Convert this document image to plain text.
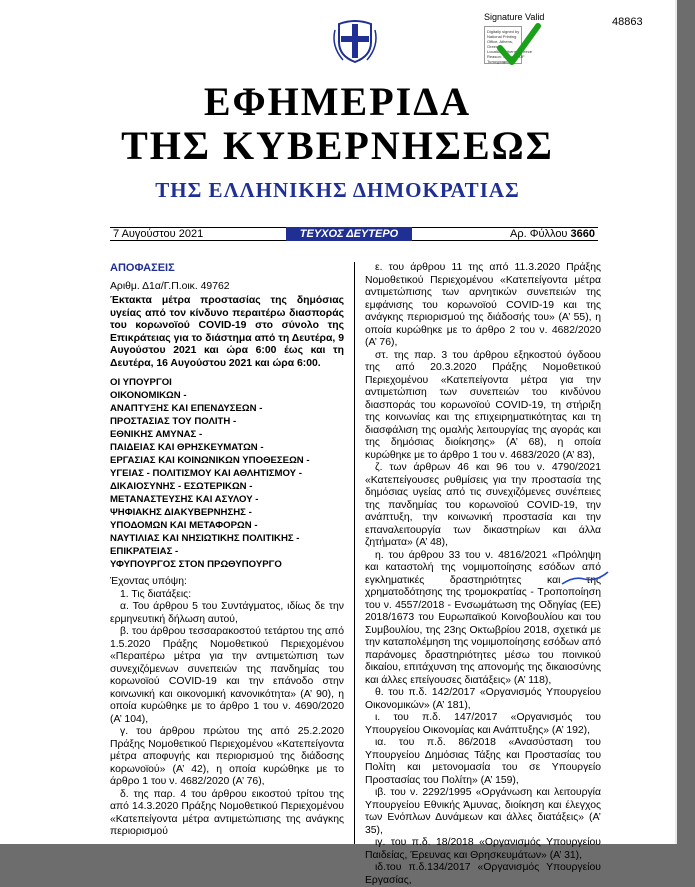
Signature Valid
Digitally signed by
National Printing
Office, Athens,
Greece
Location: Athens, Greece
Reason: Signed PDF
Τυπογραφείο
48863
ΕΦΗΜΕΡΙΔΑ
ΤΗΣ ΚΥΒΕΡΝΗΣΕΩΣ
ΤΗΣ ΕΛΛΗΝΙΚΗΣ ΔΗΜΟΚΡΑΤΙΑΣ
7 Αυγούστου 2021	ΤΕΥΧΟΣ ΔΕΥΤΕΡΟ	Αρ. Φύλλου 3660
ΑΠΟΦΑΣΕΙΣ
Αριθμ. Δ1α/Γ.Π.οικ. 49762
Έκτακτα μέτρα προστασίας της δημόσιας υγείας από τον κίνδυνο περαιτέρω διασποράς του κορωνοϊού COVID-19 στο σύνολο της Επικράτειας για το διάστημα από τη Δευτέρα, 9 Αυγούστου 2021 και ώρα 6:00 έως και τη Δευτέρα, 16 Αυγούστου 2021 και ώρα 6:00.
ΟΙ ΥΠΟΥΡΓΟΙ
ΟΙΚΟΝΟΜΙΚΩΝ -
ΑΝΑΠΤΥΞΗΣ ΚΑΙ ΕΠΕΝΔΥΣΕΩΝ -
ΠΡΟΣΤΑΣΙΑΣ ΤΟΥ ΠΟΛΙΤΗ -
ΕΘΝΙΚΗΣ ΑΜΥΝΑΣ -
ΠΑΙΔΕΙΑΣ ΚΑΙ ΘΡΗΣΚΕΥΜΑΤΩΝ -
ΕΡΓΑΣΙΑΣ ΚΑΙ ΚΟΙΝΩΝΙΚΩΝ ΥΠΟΘΕΣΕΩΝ -
ΥΓΕΙΑΣ - ΠΟΛΙΤΙΣΜΟΥ ΚΑΙ ΑΘΛΗΤΙΣΜΟΥ -
ΔΙΚΑΙΟΣΥΝΗΣ - ΕΣΩΤΕΡΙΚΩΝ -
ΜΕΤΑΝΑΣΤΕΥΣΗΣ ΚΑΙ ΑΣΥΛΟΥ -
ΨΗΦΙΑΚΗΣ ΔΙΑΚΥΒΕΡΝΗΣΗΣ -
ΥΠΟΔΟΜΩΝ ΚΑΙ ΜΕΤΑΦΟΡΩΝ -
ΝΑΥΤΙΛΙΑΣ ΚΑΙ ΝΗΣΙΩΤΙΚΗΣ ΠΟΛΙΤΙΚΗΣ -
ΕΠΙΚΡΑΤΕΙΑΣ -
ΥΦΥΠΟΥΡΓΟΣ ΣΤΟΝ ΠΡΩΘΥΠΟΥΡΓΟ
Έχοντας υπόψη:
1. Τις διατάξεις:
α. Του άρθρου 5 του Συντάγματος, ιδίως δε την ερμηνευτική δήλωση αυτού,
β. του άρθρου τεσσαρακοστού τετάρτου της από 1.5.2020 Πράξης Νομοθετικού Περιεχομένου «Περαιτέρω μέτρα για την αντιμετώπιση των συνεχιζόμενων συνεπειών της πανδημίας του κορωνοϊού COVID-19 και την επάνοδο στην κοινωνική και οικονομική κανονικότητα» (Α’ 90), η οποία κυρώθηκε με το άρθρο 1 του ν. 4690/2020 (Α’ 104),
γ. του άρθρου πρώτου της από 25.2.2020 Πράξης Νομοθετικού Περιεχομένου «Κατεπείγοντα μέτρα αποφυγής και περιορισμού της διάδοσης κορωνοϊού» (Α’ 42), η οποία κυρώθηκε με το άρθρο 1 του ν. 4682/2020 (Α’ 76),
δ. της παρ. 4 του άρθρου εικοστού τρίτου της από 14.3.2020 Πράξης Νομοθετικού Περιεχομένου «Κατεπείγοντα μέτρα αντιμετώπισης της ανάγκης περιορισμού
ε. του άρθρου 11 της από 11.3.2020 Πράξης Νομοθετικού Περιεχομένου «Κατεπείγοντα μέτρα αντιμετώπισης των αρνητικών συνεπειών της εμφάνισης του κορωνοϊού COVID-19 και της ανάγκης περιορισμού της διάδοσής του» (Α’ 55), η οποία κυρώθηκε με το άρθρο 2 του ν. 4682/2020 (Α’ 76),
στ. της παρ. 3 του άρθρου εξηκοστού όγδοου της από 20.3.2020 Πράξης Νομοθετικού Περιεχομένου «Κατεπείγοντα μέτρα για την αντιμετώπιση των συνεπειών του κινδύνου διασποράς του κορωνοϊού COVID-19, τη στήριξη της κοινωνίας και της επιχειρηματικότητας και τη διασφάλιση της ομαλής λειτουργίας της αγοράς και της δημόσιας διοίκησης» (Α’ 68), η οποία κυρώθηκε με το άρθρο 1 του ν. 4683/2020 (Α’ 83),
ζ. των άρθρων 46 και 96 του ν. 4790/2021 «Κατεπείγουσες ρυθμίσεις για την προστασία της δημόσιας υγείας από τις συνεχιζόμενες συνέπειες της πανδημίας του κορωνοϊού COVID-19, την ανάπτυξη, την κοινωνική προστασία και την επαναλειτουργία των δικαστηρίων και άλλα ζητήματα» (Α’ 48),
η. του άρθρου 33 του ν. 4816/2021 «Πρόληψη και καταστολή της νομιμοποίησης εσόδων από εγκληματικές δραστηριότητες και της χρηματοδότησης της τρομοκρατίας - Τροποποίηση του ν. 4557/2018 - Ενσωμάτωση της Οδηγίας (ΕΕ) 2018/1673 του Ευρωπαϊκού Κοινοβουλίου και του Συμβουλίου, της 23ης Οκτωβρίου 2018, σχετικά με την καταπολέμηση της νομιμοποίησης εσόδων από παράνομες δραστηριότητες μέσω του ποινικού δικαίου, επιτάχυνση της απονομής της δικαιοσύνης και άλλες επείγουσες διατάξεις» (Α’ 118),
θ. του π.δ. 142/2017 «Οργανισμός Υπουργείου Οικονομικών» (Α’ 181),
ι. του π.δ. 147/2017 «Οργανισμός του Υπουργείου Οικονομίας και Ανάπτυξης» (Α’ 192),
ια. του π.δ. 86/2018 «Ανασύσταση του Υπουργείου Δημόσιας Τάξης και Προστασίας του Πολίτη και μετονομασία του σε Υπουργείο Προστασίας του Πολίτη» (Α’ 159),
ιβ. του ν. 2292/1995 «Οργάνωση και λειτουργία Υπουργείου Εθνικής Άμυνας, διοίκηση και έλεγχος των Ενόπλων Δυνάμεων και άλλες διατάξεις» (Α’ 35),
ιγ. του π.δ. 18/2018 «Οργανισμός Υπουργείου Παιδείας, Έρευνας και Θρησκευμάτων» (Α’ 31),
ιδ.του π.δ.134/2017 «Οργανισμός Υπουργείου Εργασίας,
